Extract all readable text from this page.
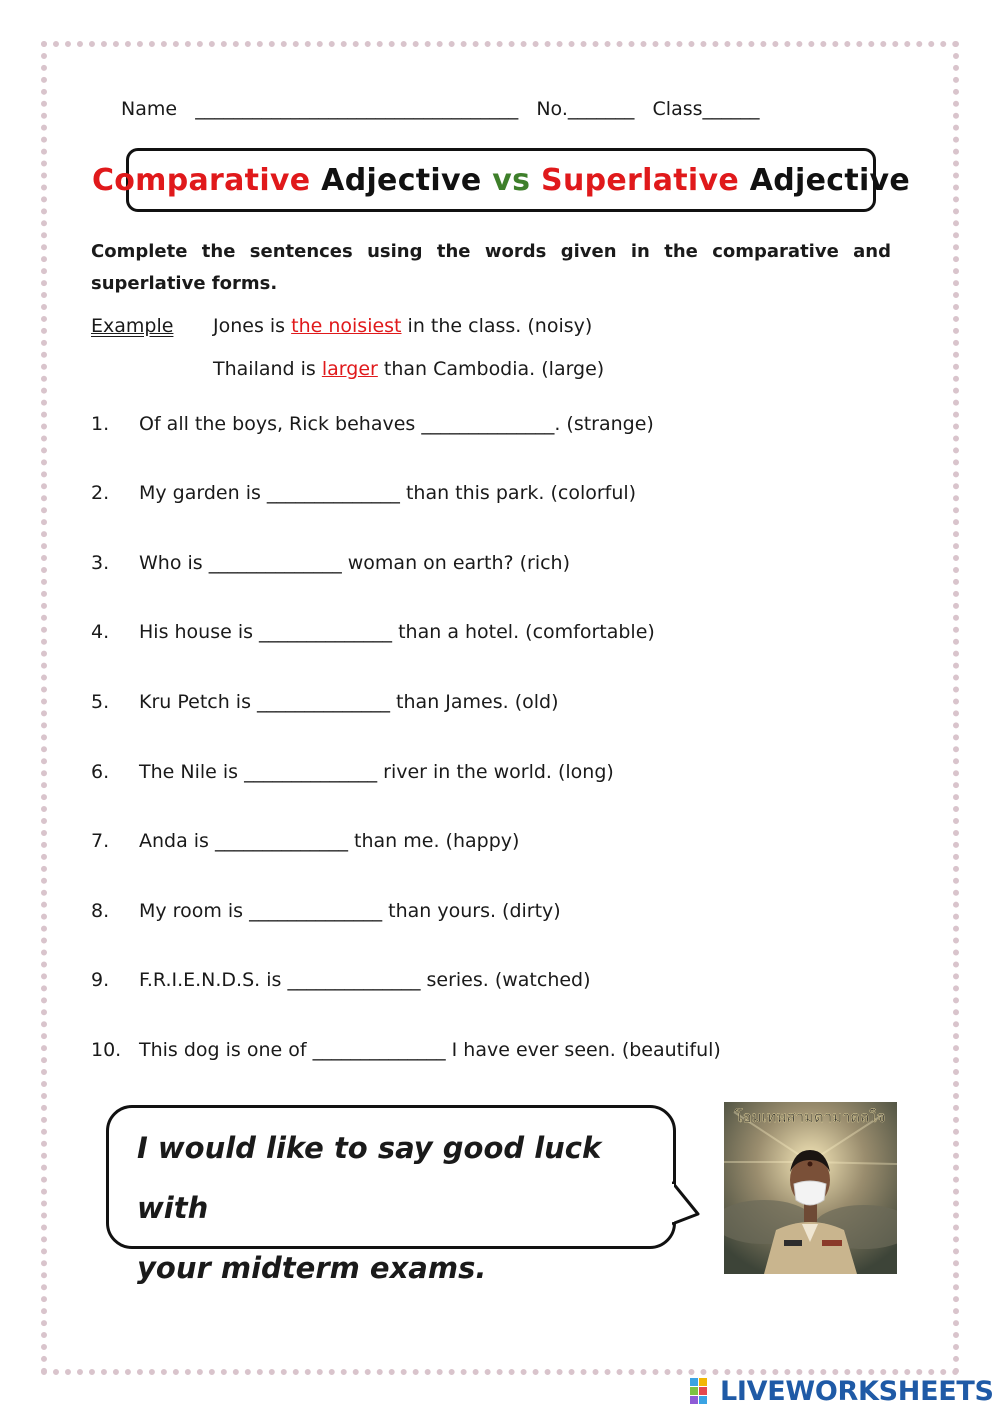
Name __________________________________ No._______ Class______
Comparative
Adjective
vs
Superlative
Adjective
Complete the sentences using the words given in the comparative and superlative forms.
Example Jones is the noisiest in the class. (noisy)
Thailand is larger than Cambodia. (large)
1. Of all the boys, Rick behaves ______________. (strange)
2. My garden is ______________ than this park. (colorful)
3. Who is ______________ woman on earth? (rich)
4. His house is ______________ than a hotel. (comfortable)
5. Kru Petch is ______________ than James. (old)
6. The Nile is ______________ river in the world. (long)
7. Anda is ______________ than me. (happy)
8. My room is ______________ than yours. (dirty)
9. F.R.I.E.N.D.S. is ______________ series. (watched)
10. This dog is one of ______________ I have ever seen. (beautiful)
I would like to say good luck with
your midterm exams.
โอมเทพสามตามาดลใจ
LIVEWORKSHEETS
